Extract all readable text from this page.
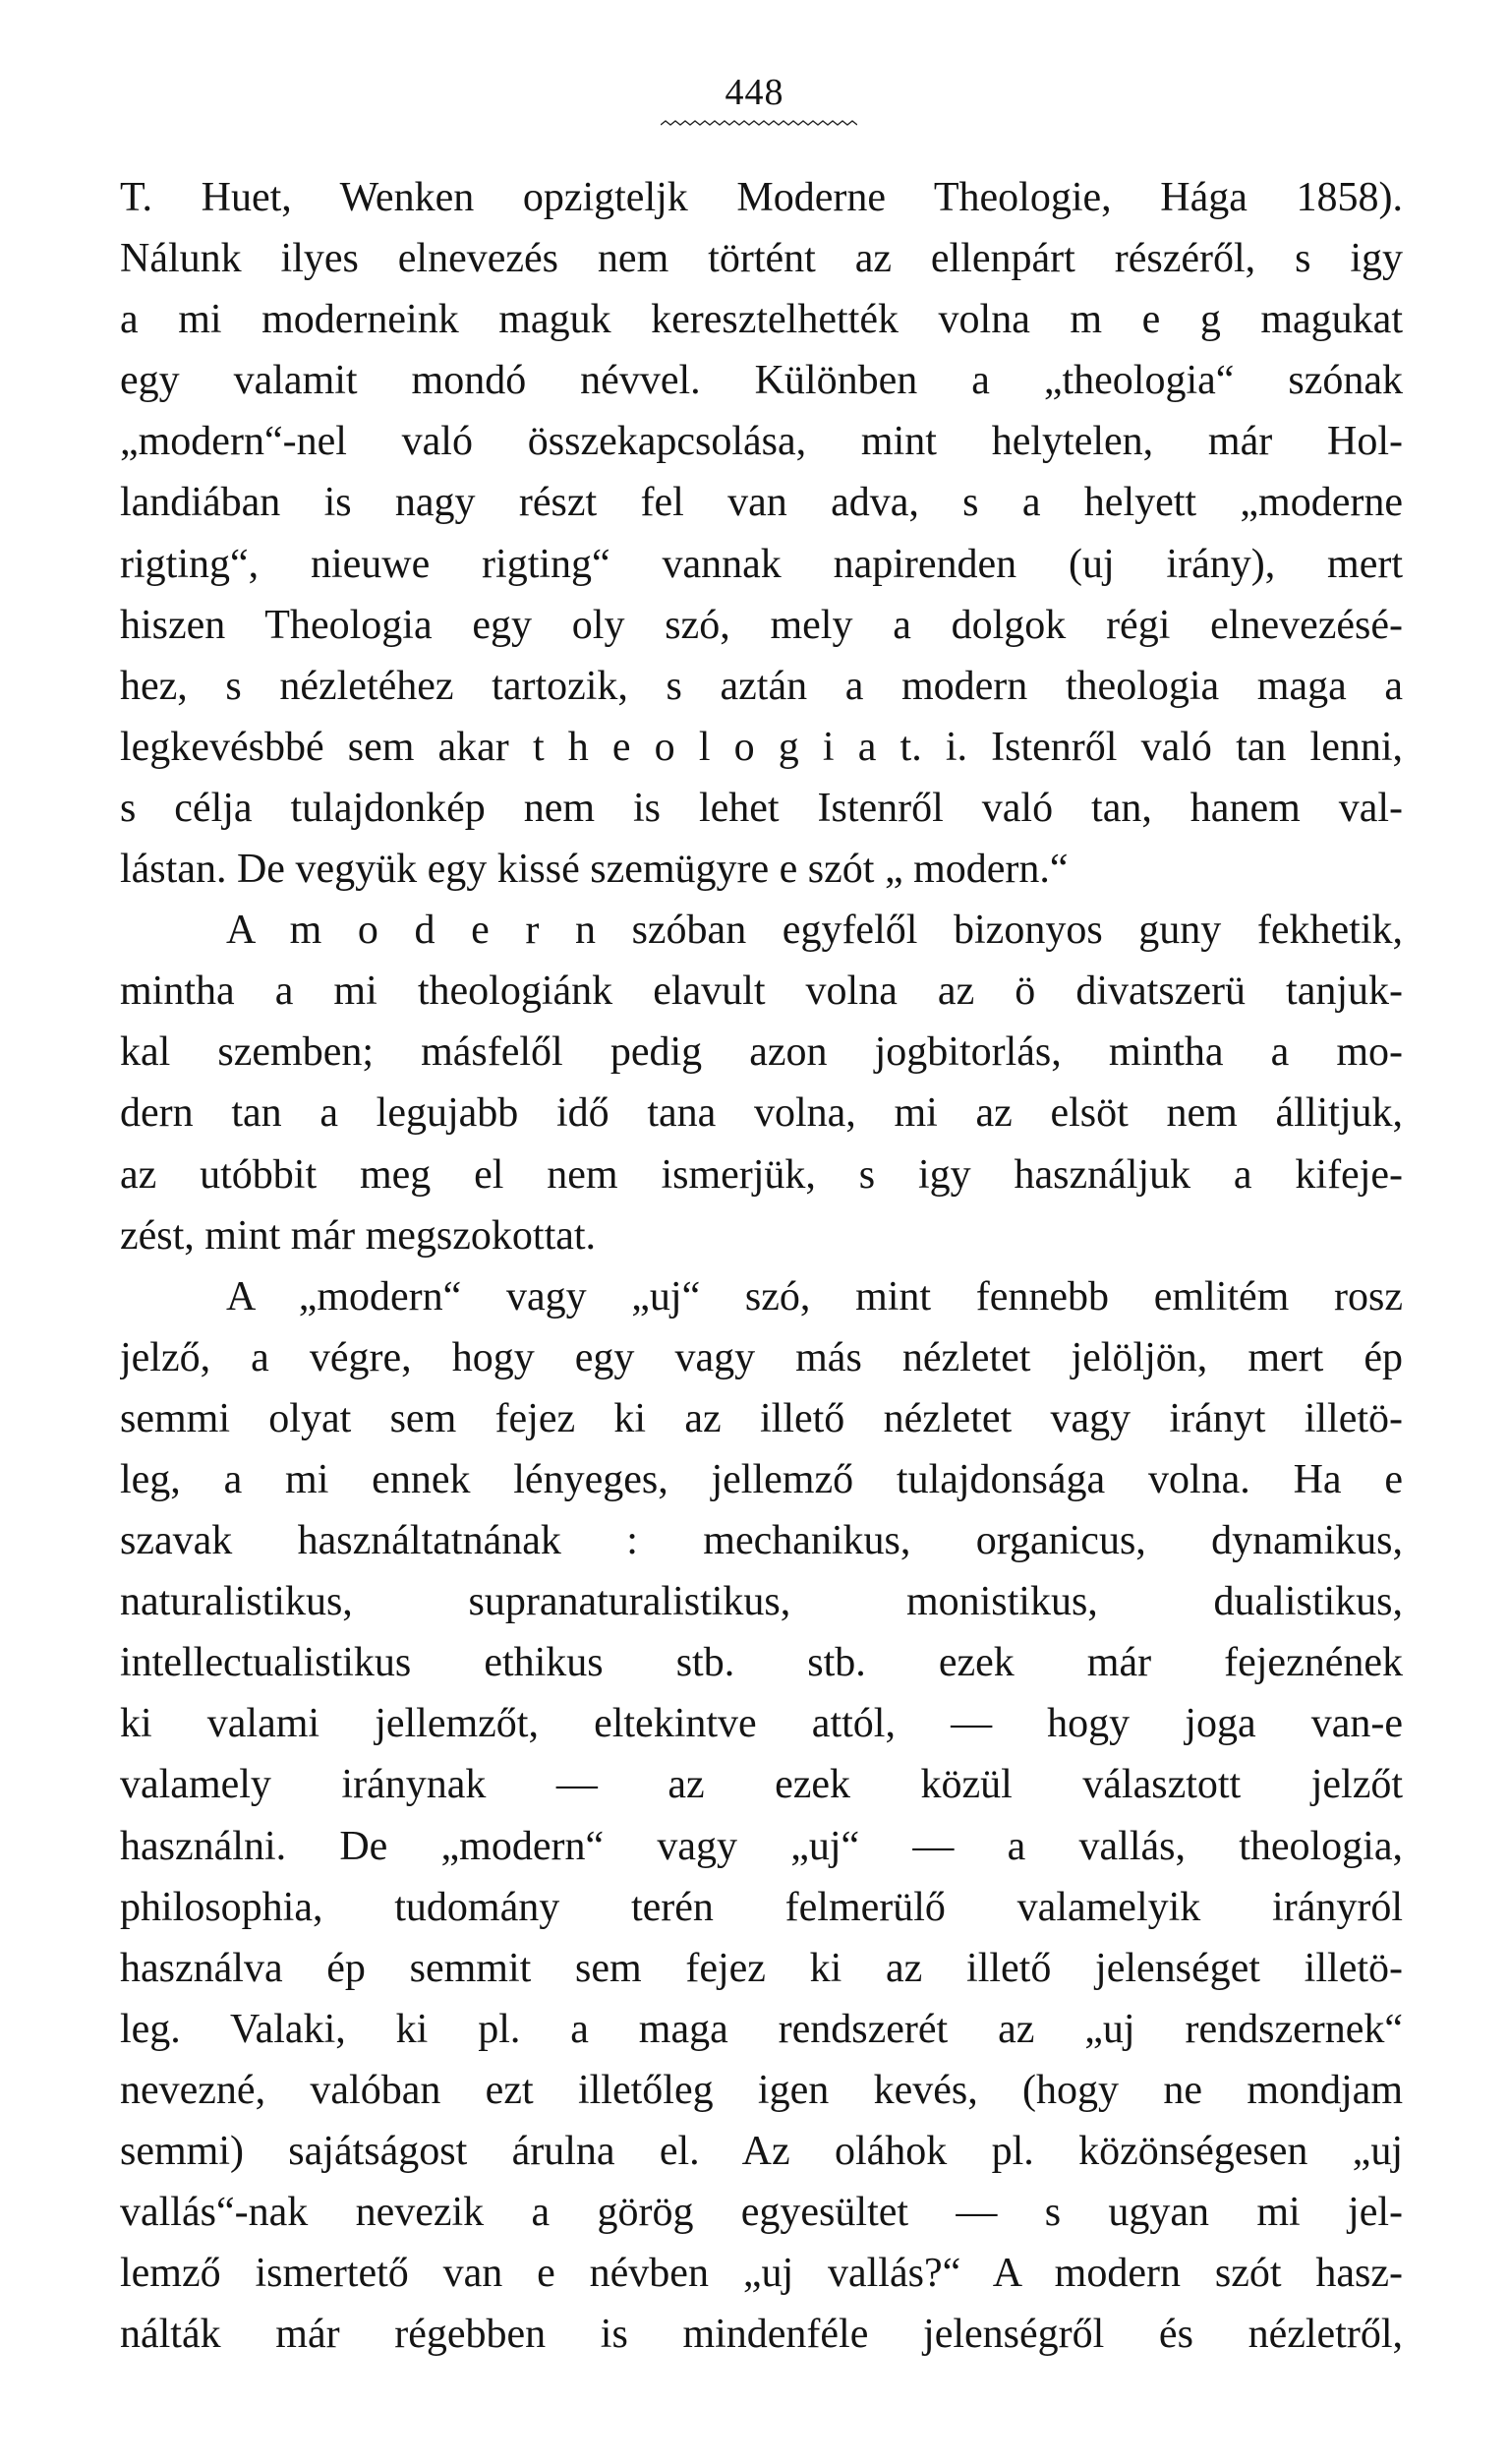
448
T. Huet, Wenken opzigteljk Moderne Theologie, Hága 1858).
Nálunk ilyes elnevezés nem történt az ellenpárt részéről, s igy
a mi moderneink maguk keresztelhették volna m e g magukat
egy valamit mondó névvel. Különben a „theologia“ szónak
„modern“-nel való összekapcsolása, mint helytelen, már Hol-
landiában is nagy részt fel van adva, s a helyett „moderne
rigting“, nieuwe rigting“ vannak napirenden (uj irány), mert
hiszen Theologia egy oly szó, mely a dolgok régi elnevezésé-
hez, s nézletéhez tartozik, s aztán a modern theologia maga a
legkevésbbé sem akar t h e o l o g i a t. i. Istenről való tan lenni,
s célja tulajdonkép nem is lehet Istenről való tan, hanem val-
lástan. De vegyük egy kissé szemügyre e szót „ modern.“
A m o d e r n szóban egyfelől bizonyos guny fekhetik,
mintha a mi theologiánk elavult volna az ö divatszerü tanjuk-
kal szemben; másfelől pedig azon jogbitorlás, mintha a mo-
dern tan a legujabb idő tana volna, mi az elsöt nem állitjuk,
az utóbbit meg el nem ismerjük, s igy használjuk a kifeje-
zést, mint már megszokottat.
A „modern“ vagy „uj“ szó, mint fennebb emlitém rosz
jelző, a végre, hogy egy vagy más nézletet jelöljön, mert ép
semmi olyat sem fejez ki az illető nézletet vagy irányt illetö-
leg, a mi ennek lényeges, jellemző tulajdonsága volna. Ha e
szavak használtatnának : mechanikus, organicus, dynamikus,
naturalistikus, supranaturalistikus, monistikus, dualistikus,
intellectualistikus ethikus stb. stb. ezek már fejeznének
ki valami jellemzőt, eltekintve attól, — hogy joga van-e
valamely iránynak — az ezek közül választott jelzőt
használni. De „modern“ vagy „uj“ — a vallás, theologia,
philosophia, tudomány terén felmerülő valamelyik irányról
használva ép semmit sem fejez ki az illető jelenséget illetö-
leg. Valaki, ki pl. a maga rendszerét az „uj rendszernek“
nevezné, valóban ezt illetőleg igen kevés, (hogy ne mondjam
semmi) sajátságost árulna el. Az oláhok pl. közönségesen „uj
vallás“-nak nevezik a görög egyesültet — s ugyan mi jel-
lemző ismertető van e névben „uj vallás?“ A modern szót hasz-
nálták már régebben is mindenféle jelenségről és nézletről,
